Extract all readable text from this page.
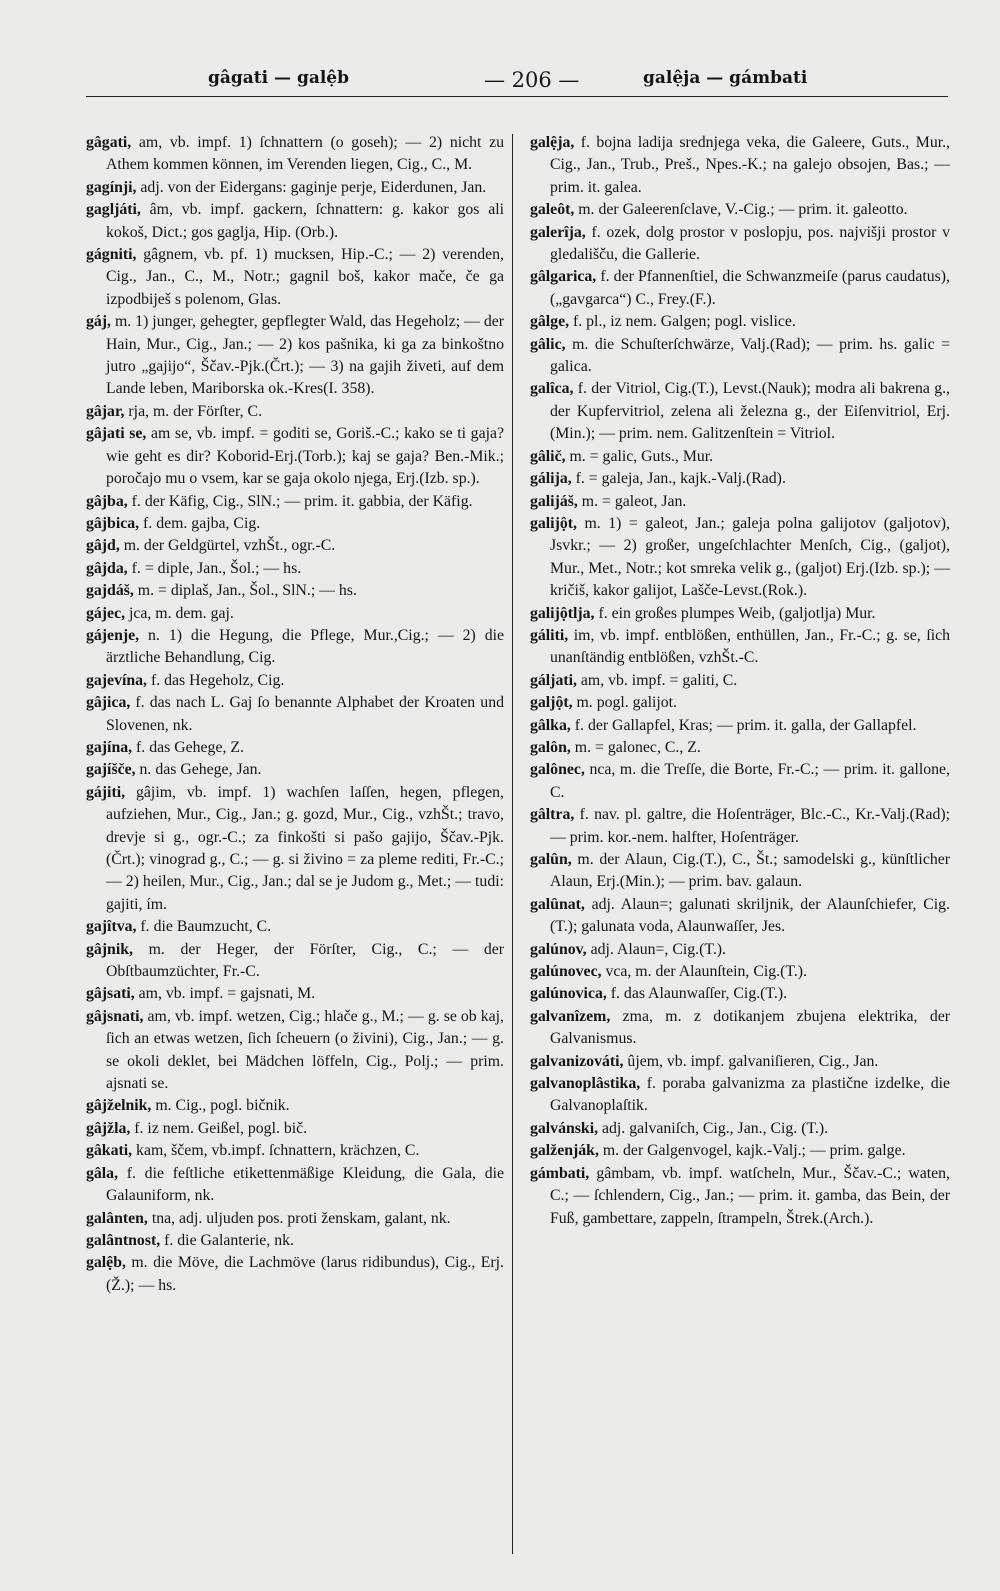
gâgati — galệb	— 206 —	galệja — gámbati

gâgati, am, vb. impf. 1) ſchnattern (o goseh); — 2) nicht zu Athem kommen können, im Verenden liegen, Cig., C., M.

gagínji, adj. von der Eidergans: gaginje perje, Eiderdunen, Jan.

gagljáti, âm, vb. impf. gackern, ſchnattern: g. kakor gos ali kokoš, Dict.; gos gaglja, Hip. (Orb.).

gágniti, gâgnem, vb. pf. 1) mucksen, Hip.-C.; — 2) verenden, Cig., Jan., C., M., Notr.; gagnil boš, kakor mače, če ga izpodbiješ s polenom, Glas.

gáj, m. 1) junger, gehegter, gepflegter Wald, das Hegeholz; — der Hain, Mur., Cig., Jan.; — 2) kos pašnika, ki ga za binkoštno jutro „gajijo“, Ščav.-Pjk.(Črt.); — 3) na gajih živeti, auf dem Lande leben, Mariborska ok.-Kres(I. 358).

gâjar, rja, m. der Förſter, C.

gâjati se, am se, vb. impf. = goditi se, Goriš.-C.; kako se ti gaja? wie geht es dir? Koborid-Erj.(Torb.); kaj se gaja? Ben.-Mik.; poročajo mu o vsem, kar se gaja okolo njega, Erj.(Izb. sp.).

gâjba, f. der Käfig, Cig., SlN.; — prim. it. gabbia, der Käfig.

gâjbica, f. dem. gajba, Cig.

gâjd, m. der Geldgürtel, vzhŠt., ogr.-C.

gâjda, f. = diple, Jan., Šol.; — hs.

gajdáš, m. = diplaš, Jan., Šol., SlN.; — hs.

gájec, jca, m. dem. gaj.

gájenje, n. 1) die Hegung, die Pflege, Mur.,Cig.; — 2) die ärztliche Behandlung, Cig.

gajevína, f. das Hegeholz, Cig.

gâjica, f. das nach L. Gaj ſo benannte Alphabet der Kroaten und Slovenen, nk.

gajína, f. das Gehege, Z.

gajíšče, n. das Gehege, Jan.

gájiti, gâjim, vb. impf. 1) wachſen laſſen, hegen, pflegen, aufziehen, Mur., Cig., Jan.; g. gozd, Mur., Cig., vzhŠt.; travo, drevje si g., ogr.-C.; za finkošti si pašo gajijo, Ščav.-Pjk. (Črt.); vinograd g., C.; — g. si živino = za pleme rediti, Fr.-C.; — 2) heilen, Mur., Cig., Jan.; dal se je Judom g., Met.; — tudi: gajiti, ím.

gajîtva, f. die Baumzucht, C.

gâjnik, m. der Heger, der Förſter, Cig., C.; — der Obſtbaumzüchter, Fr.-C.

gâjsati, am, vb. impf. = gajsnati, M.

gâjsnati, am, vb. impf. wetzen, Cig.; hlače g., M.; — g. se ob kaj, ſich an etwas wetzen, ſich ſcheuern (o živini), Cig., Jan.; — g. se okoli deklet, bei Mädchen löffeln, Cig., Polj.; — prim. ajsnati se.

gâjželnik, m. Cig., pogl. bičnik.

gâjžla, f. iz nem. Geißel, pogl. bič.

gâkati, kam, ščem, vb.impf. ſchnattern, krächzen, C.

gâla, f. die feſtliche etikettenmäßige Kleidung, die Gala, die Galauniform, nk.

galânten, tna, adj. uljuden pos. proti ženskam, galant, nk.

galântnost, f. die Galanterie, nk.

galệb, m. die Möve, die Lachmöve (larus ridibundus), Cig., Erj.(Ž.); — hs.

galệja, f. bojna ladija srednjega veka, die Galeere, Guts., Mur., Cig., Jan., Trub., Preš., Npes.-K.; na galejo obsojen, Bas.; — prim. it. galea.

galeôt, m. der Galeerenſclave, V.-Cig.; — prim. it. galeotto.

galerîja, f. ozek, dolg prostor v poslopju, pos. najvišji prostor v gledališču, die Gallerie.

gâlgarica, f. der Pfannenſtiel, die Schwanzmeiſe (parus caudatus), („gavgarca“) C., Frey.(F.).

gâlge, f. pl., iz nem. Galgen; pogl. vislice.

gâlic, m. die Schuſterſchwärze, Valj.(Rad); — prim. hs. galic = galica.

galîca, f. der Vitriol, Cig.(T.), Levst.(Nauk); modra ali bakrena g., der Kupfervitriol, zelena ali železna g., der Eiſenvitriol, Erj. (Min.); — prim. nem. Galitzenſtein = Vitriol.

gâlič, m. = galic, Guts., Mur.

gálija, f. = galeja, Jan., kajk.-Valj.(Rad).

galijáš, m. = galeot, Jan.

galijột, m. 1) = galeot, Jan.; galeja polna galijotov (galjotov), Jsvkr.; — 2) großer, ungeſchlachter Menſch, Cig., (galjot), Mur., Met., Notr.; kot smreka velik g., (galjot) Erj.(Izb. sp.); — kričiš, kakor galijot, Lašče-Levst.(Rok.).

galijộtlja, f. ein großes plumpes Weib, (galjotlja) Mur.

gáliti, im, vb. impf. entblößen, enthüllen, Jan., Fr.-C.; g. se, ſich unanſtändig entblößen, vzhŠt.-C.

gáljati, am, vb. impf. = galiti, C.

galjột, m. pogl. galijot.

gâlka, f. der Gallapfel, Kras; — prim. it. galla, der Gallapfel.

galôn, m. = galonec, C., Z.

galônec, nca, m. die Treſſe, die Borte, Fr.-C.; — prim. it. gallone, C.

gâltra, f. nav. pl. galtre, die Hoſenträger, Blc.-C., Kr.-Valj.(Rad); — prim. kor.-nem. halfter, Hoſenträger.

galûn, m. der Alaun, Cig.(T.), C., Št.; samodelski g., künſtlicher Alaun, Erj.(Min.); — prim. bav. galaun.

galûnat, adj. Alaun=; galunati skriljnik, der Alaunſchiefer, Cig.(T.); galunata voda, Alaunwaſſer, Jes.

galúnov, adj. Alaun=, Cig.(T.).

galúnovec, vca, m. der Alaunſtein, Cig.(T.).

galúnovica, f. das Alaunwaſſer, Cig.(T.).

galvanîzem, zma, m. z dotikanjem zbujena elektrika, der Galvanismus.

galvanizováti, ûjem, vb. impf. galvaniſieren, Cig., Jan.

galvanoplâstika, f. poraba galvanizma za plastične izdelke, die Galvanoplaſtik.

galvánski, adj. galvaniſch, Cig., Jan., Cig. (T.).

galženják, m. der Galgenvogel, kajk.-Valj.; — prim. galge.

gámbati, gâmbam, vb. impf. watſcheln, Mur., Ščav.-C.; waten, C.; — ſchlendern, Cig., Jan.; — prim. it. gamba, das Bein, der Fuß, gambettare, zappeln, ſtrampeln, Štrek.(Arch.).
